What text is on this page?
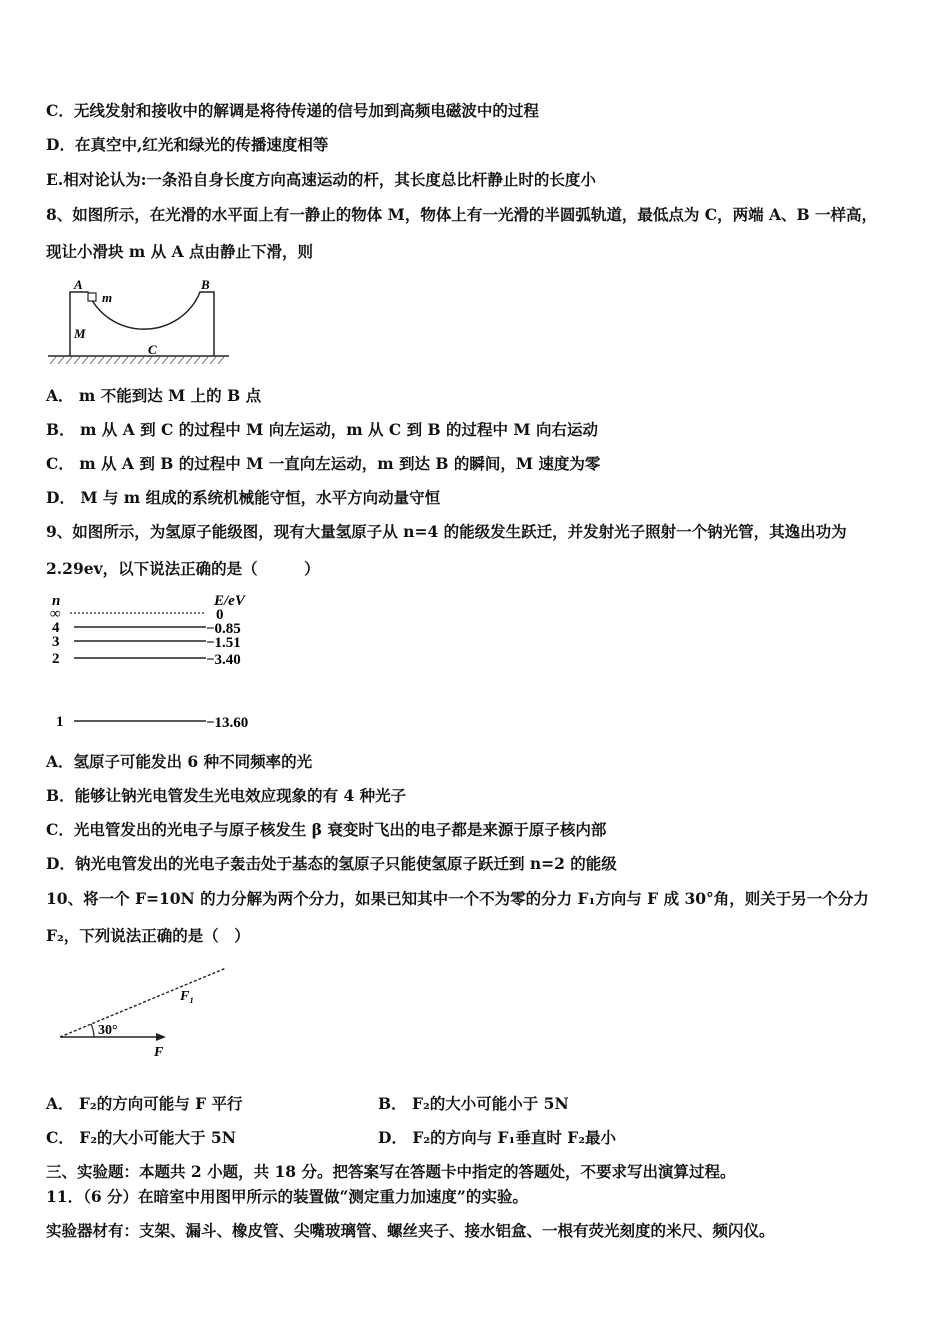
C．无线发射和接收中的解调是将待传递的信号加到高频电磁波中的过程
D．在真空中,红光和绿光的传播速度相等
E.相对论认为:一条沿自身长度方向高速运动的杆，其长度总比杆静止时的长度小
8、如图所示，在光滑的水平面上有一静止的物体 M，物体上有一光滑的半圆弧轨道，最低点为 C，两端 A、B 一样高，
现让小滑块 m 从 A 点由静止下滑，则
A
m
B
M
C
A． m 不能到达 M 上的 B 点
B． m 从 A 到 C 的过程中 M 向左运动，m 从 C 到 B 的过程中 M 向右运动
C． m 从 A 到 B 的过程中 M 一直向左运动，m 到达 B 的瞬间，M 速度为零
D． M 与 m 组成的系统机械能守恒，水平方向动量守恒
9、如图所示，为氢原子能级图，现有大量氢原子从 n=4 的能级发生跃迁，并发射光子照射一个钠光管，其逸出功为
2.29ev，以下说法正确的是（　　　）
n	E/eV
∞	0
4	−0.85
3	−1.51
2	−3.40
1	−13.60
A．氢原子可能发出 6 种不同频率的光
B．能够让钠光电管发生光电效应现象的有 4 种光子
C．光电管发出的光电子与原子核发生 β 衰变时飞出的电子都是来源于原子核内部
D．钠光电管发出的光电子轰击处于基态的氢原子只能使氢原子跃迁到 n=2 的能级
10、将一个 F=10N 的力分解为两个分力，如果已知其中一个不为零的分力 F₁方向与 F 成 30°角，则关于另一个分力
F₂，下列说法正确的是（　）
30°
F₁
F
A． F₂的方向可能与 F 平行	B． F₂的大小可能小于 5N
C． F₂的大小可能大于 5N	D． F₂的方向与 F₁垂直时 F₂最小
三、实验题：本题共 2 小题，共 18 分。把答案写在答题卡中指定的答题处，不要求写出演算过程。
11．（6 分）在暗室中用图甲所示的装置做“测定重力加速度”的实验。
实验器材有：支架、漏斗、橡皮管、尖嘴玻璃管、螺丝夹子、接水铝盒、一根有荧光刻度的米尺、频闪仪。
